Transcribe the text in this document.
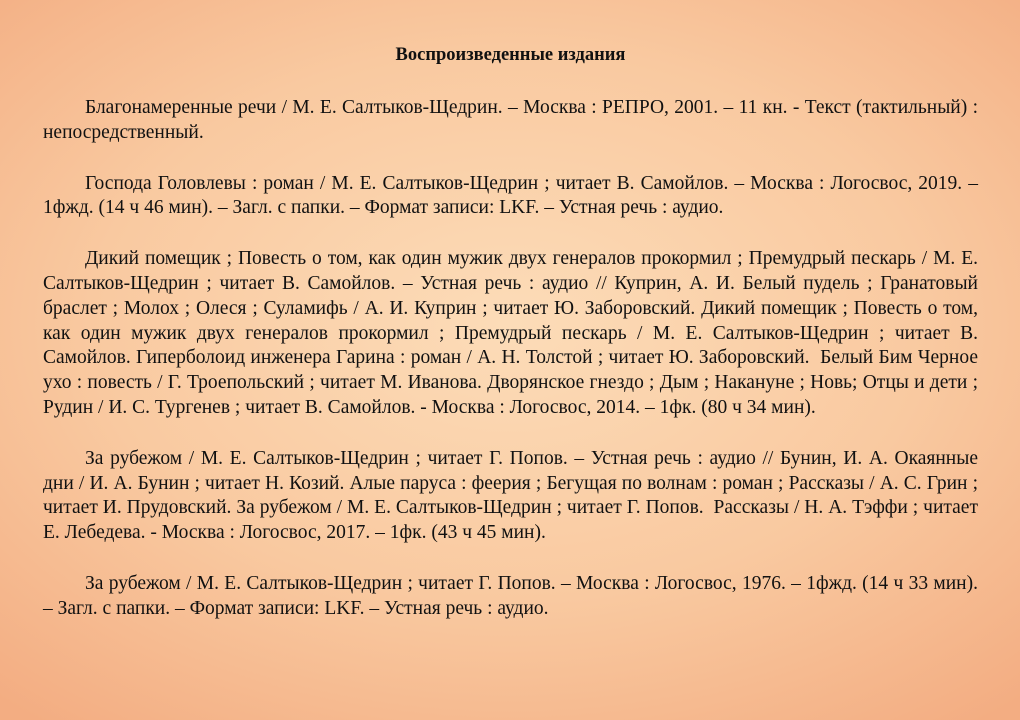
Воспроизведенные издания

Благонамеренные речи / М. Е. Салтыков-Щедрин. – Москва : РЕПРО, 2001. – 11 кн. - Текст (тактильный) : непосредственный.

Господа Головлевы : роман / М. Е. Салтыков-Щедрин ; читает В. Самойлов. – Москва : Логосвос, 2019. – 1фжд. (14 ч 46 мин). – Загл. с папки. – Формат записи: LKF. – Устная речь : аудио.

Дикий помещик ; Повесть о том, как один мужик двух генералов прокормил ; Премудрый пескарь / М. Е. Салтыков-Щедрин ; читает В. Самойлов. – Устная речь : аудио // Куприн, А. И. Белый пудель ; Гранатовый браслет ; Молох ; Олеся ; Суламифь / А. И. Куприн ; читает Ю. Заборовский. Дикий помещик ; Повесть о том, как один мужик двух генералов прокормил ; Премудрый пескарь / М. Е. Салтыков-Щедрин ; читает В. Самойлов. Гиперболоид инженера Гарина : роман / А. Н. Толстой ; читает Ю. Заборовский.  Белый Бим Черное ухо : повесть / Г. Троепольский ; читает М. Иванова. Дворянское гнездо ; Дым ; Накануне ; Новь; Отцы и дети ; Рудин / И. С. Тургенев ; читает В. Самойлов. - Москва : Логосвос, 2014. – 1фк. (80 ч 34 мин).

За рубежом / М. Е. Салтыков-Щедрин ; читает Г. Попов. – Устная речь : аудио // Бунин, И. А. Окаянные дни / И. А. Бунин ; читает Н. Козий. Алые паруса : феерия ; Бегущая по волнам : роман ; Рассказы / А. С. Грин ; читает И. Прудовский. За рубежом / М. Е. Салтыков-Щедрин ; читает Г. Попов.  Рассказы / Н. А. Тэффи ; читает Е. Лебедева. - Москва : Логосвос, 2017. – 1фк. (43 ч 45 мин).

За рубежом / М. Е. Салтыков-Щедрин ; читает Г. Попов. – Москва : Логосвос, 1976. – 1фжд. (14 ч 33 мин). – Загл. с папки. – Формат записи: LKF. – Устная речь : аудио.
